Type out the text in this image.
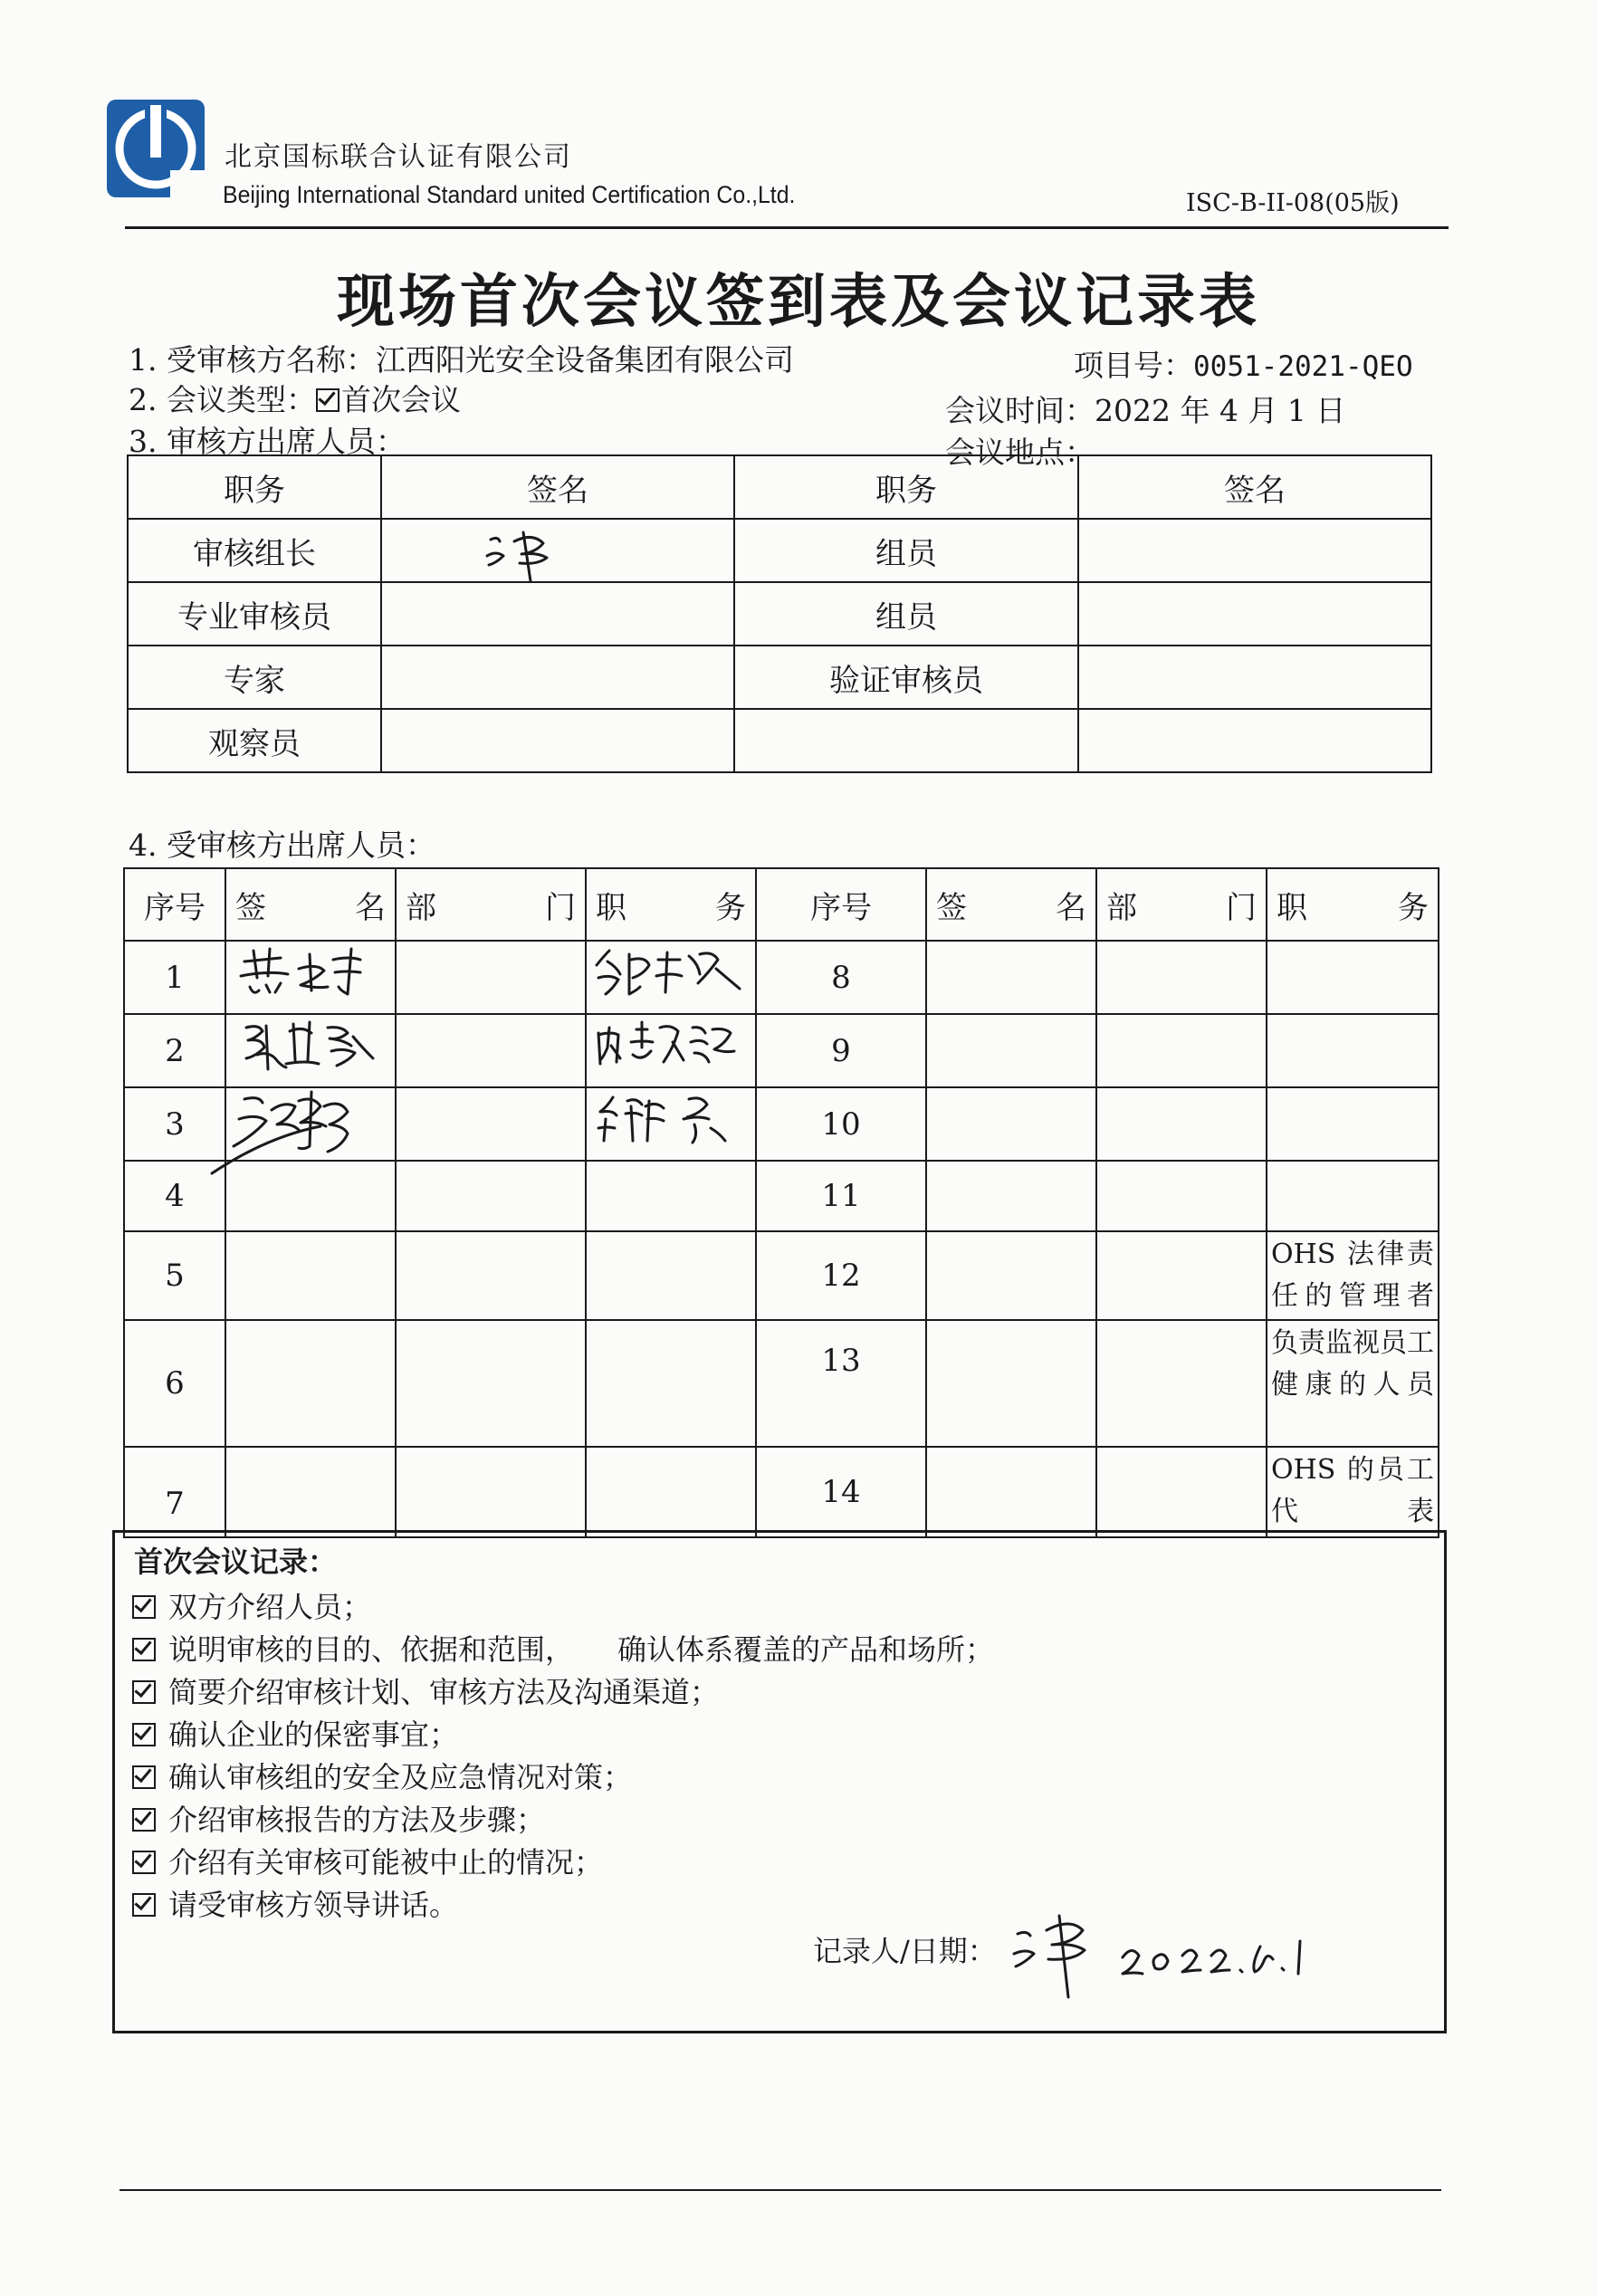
北京国标联合认证有限公司
Beijing International Standard united Certification Co.,Ltd.	ISC-B-II-08(05版)
现场首次会议签到表及会议记录表
1. 受审核方名称：江西阳光安全设备集团有限公司	项目号：0051-2021-QEO
2. 会议类型： 首次会议	会议时间：2022 年 4 月 1 日
3. 审核方出席人员：	会议地点：
职务	签名	职务	签名
审核组长		组员	
专业审核员		组员	
专家		验证审核员	
观察员			
4. 受审核方出席人员：
序号	签　名	部　门	职　务	序号	签　名	部　门	职　务
1				8			
2				9			
3				10			
4				11			
5				12			OHS 法律责任的管理者
6				13			负责监视员工健康的人员
7				14			OHS 的员工代表
首次会议记录：
双方介绍人员；
说明审核的目的、依据和范围，　　确认体系覆盖的产品和场所；
简要介绍审核计划、审核方法及沟通渠道；
确认企业的保密事宜；
确认审核组的安全及应急情况对策；
介绍审核报告的方法及步骤；
介绍有关审核可能被中止的情况；
请受审核方领导讲话。
记录人/日期：
